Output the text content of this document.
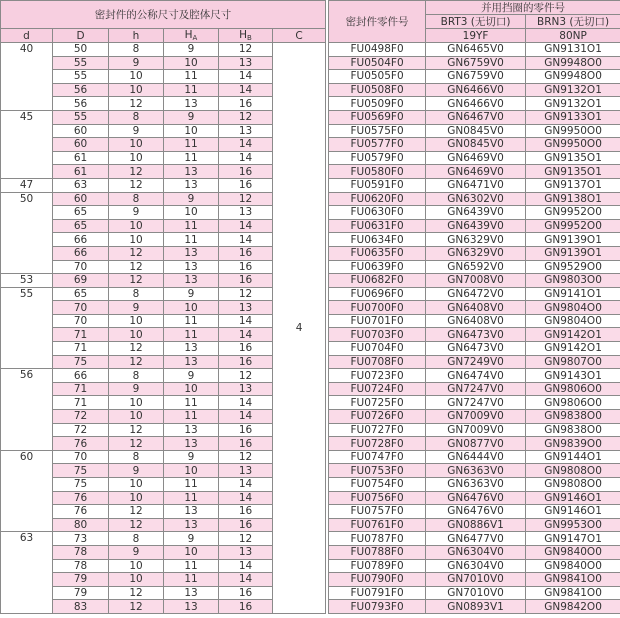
密封件的公称尺寸及腔体尺寸							密封件零件号	并用挡圈的零件号	
								BRT3 (无切口)	BRN3 (无切口)
d	D	h	HA	HB	C			19YF	80NP
40	50	8	9	12	4		FU0498F0	GN6465V0	GN9131O1
	55	9	10	13			FU0504F0	GN6759V0	GN9948O0
	55	10	11	14			FU0505F0	GN6759V0	GN9948O0
	56	10	11	14			FU0508F0	GN6466V0	GN9132O1
	56	12	13	16			FU0509F0	GN6466V0	GN9132O1
45	55	8	9	12			FU0569F0	GN6467V0	GN9133O1
	60	9	10	13			FU0575F0	GN0845V0	GN9950O0
	60	10	11	14			FU0577F0	GN0845V0	GN9950O0
	61	10	11	14			FU0579F0	GN6469V0	GN9135O1
	61	12	13	16			FU0580F0	GN6469V0	GN9135O1
47	63	12	13	16			FU0591F0	GN6471V0	GN9137O1
50	60	8	9	12			FU0620F0	GN6302V0	GN9138O1
	65	9	10	13			FU0630F0	GN6439V0	GN9952O0
	65	10	11	14			FU0631F0	GN6439V0	GN9952O0
	66	10	11	14			FU0634F0	GN6329V0	GN9139O1
	66	12	13	16			FU0635F0	GN6329V0	GN9139O1
	70	12	13	16			FU0639F0	GN6592V0	GN9529O0
53	69	12	13	16			FU0682F0	GN7008V0	GN9803O0
55	65	8	9	12			FU0696F0	GN6472V0	GN9141O1
	70	9	10	13			FU0700F0	GN6408V0	GN9804O0
	70	10	11	14			FU0701F0	GN6408V0	GN9804O0
	71	10	11	14			FU0703F0	GN6473V0	GN9142O1
	71	12	13	16			FU0704F0	GN6473V0	GN9142O1
	75	12	13	16			FU0708F0	GN7249V0	GN9807O0
56	66	8	9	12			FU0723F0	GN6474V0	GN9143O1
	71	9	10	13			FU0724F0	GN7247V0	GN9806O0
	71	10	11	14			FU0725F0	GN7247V0	GN9806O0
	72	10	11	14			FU0726F0	GN7009V0	GN9838O0
	72	12	13	16			FU0727F0	GN7009V0	GN9838O0
	76	12	13	16			FU0728F0	GN0877V0	GN9839O0
60	70	8	9	12			FU0747F0	GN6444V0	GN9144O1
	75	9	10	13			FU0753F0	GN6363V0	GN9808O0
	75	10	11	14			FU0754F0	GN6363V0	GN9808O0
	76	10	11	14			FU0756F0	GN6476V0	GN9146O1
	76	12	13	16			FU0757F0	GN6476V0	GN9146O1
	80	12	13	16			FU0761F0	GN0886V1	GN9953O0
63	73	8	9	12			FU0787F0	GN6477V0	GN9147O1
	78	9	10	13			FU0788F0	GN6304V0	GN9840O0
	78	10	11	14			FU0789F0	GN6304V0	GN9840O0
	79	10	11	14			FU0790F0	GN7010V0	GN9841O0
	79	12	13	16			FU0791F0	GN7010V0	GN9841O0
	83	12	13	16			FU0793F0	GN0893V1	GN9842O0
